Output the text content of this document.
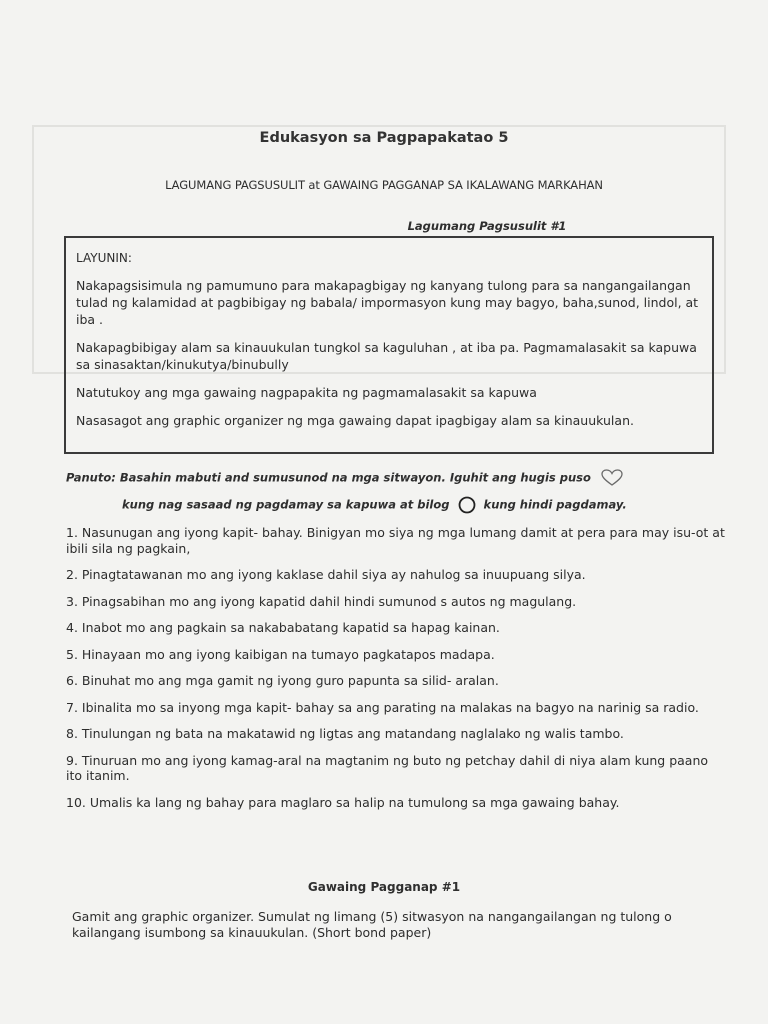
Edukasyon sa Pagpapakatao 5
LAGUMANG PAGSUSULIT at GAWAING PAGGANAP SA IKALAWANG MARKAHAN
Lagumang Pagsusulit #1
LAYUNIN:
Nakapagsisimula ng pamumuno para makapagbigay ng kanyang tulong para sa nangangailangan tulad ng kalamidad at pagbibigay ng babala/ impormasyon kung may bagyo, baha,sunod, lindol, at iba .
Nakapagbibigay alam sa kinauukulan tungkol sa kaguluhan , at iba pa. Pagmamalasakit sa kapuwa sa sinasaktan/kinukutya/binubully
Natutukoy ang mga gawaing nagpapakita ng pagmamalasakit sa kapuwa
Nasasagot ang graphic organizer ng mga gawaing dapat ipagbigay alam sa kinauukulan.
Panuto: Basahin mabuti and sumusunod na mga sitwayon. Iguhit ang hugis puso
kung nag sasaad ng pagdamay sa kapuwa at bilog	kung hindi pagdamay.
1. Nasunugan ang iyong kapit- bahay. Binigyan mo siya ng mga lumang damit at pera para may isu-ot at ibili sila ng pagkain,
2. Pinagtatawanan mo ang iyong kaklase dahil siya ay nahulog sa inuupuang silya.
3. Pinagsabihan mo ang iyong kapatid dahil hindi sumunod s autos ng magulang.
4. Inabot mo ang pagkain sa nakababatang kapatid sa hapag kainan.
5. Hinayaan mo ang iyong kaibigan na tumayo pagkatapos madapa.
6. Binuhat mo ang mga gamit ng iyong guro papunta sa silid- aralan.
7. Ibinalita mo sa inyong mga kapit- bahay sa ang parating na malakas na bagyo na narinig sa radio.
8. Tinulungan ng bata na makatawid ng ligtas ang matandang naglalako ng walis tambo.
9. Tinuruan mo ang iyong kamag-aral na magtanim ng buto ng petchay dahil di niya alam kung paano ito itanim.
10. Umalis ka lang ng bahay para maglaro sa halip na tumulong sa mga gawaing bahay.
Gawaing Pagganap #1
Gamit ang graphic organizer. Sumulat ng limang (5) sitwasyon na nangangailangan ng tulong o kailangang isumbong sa kinauukulan. (Short bond paper)
